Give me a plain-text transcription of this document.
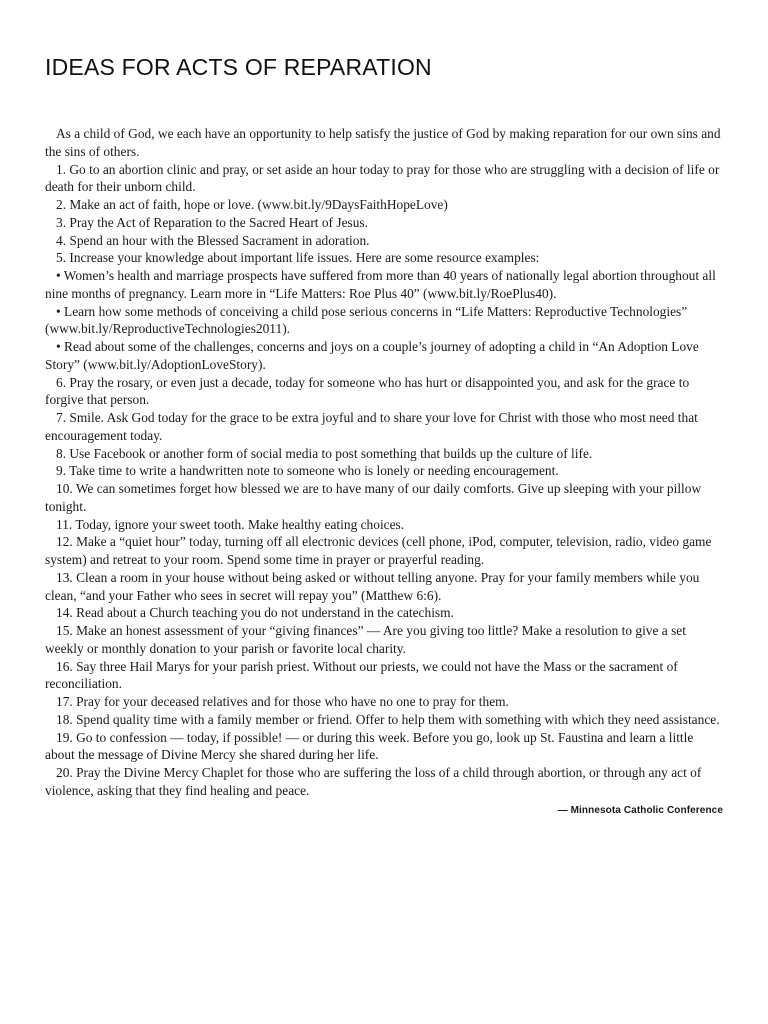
IDEAS FOR ACTS OF REPARATION

As a child of God, we each have an opportunity to help satisfy the justice of God by making reparation for our own sins and the sins of others.

1. Go to an abortion clinic and pray, or set aside an hour today to pray for those who are struggling with a decision of life or death for their unborn child.

2. Make an act of faith, hope or love. (www.bit.ly/9DaysFaithHopeLove)

3. Pray the Act of Reparation to the Sacred Heart of Jesus.

4. Spend an hour with the Blessed Sacrament in adoration.

5. Increase your knowledge about important life issues. Here are some resource examples:

• Women’s health and marriage prospects have suffered from more than 40 years of nationally legal abortion throughout all nine months of pregnancy. Learn more in “Life Matters: Roe Plus 40” (www.bit.ly/RoePlus40).

• Learn how some methods of conceiving a child pose serious concerns in “Life Matters: Reproductive Technologies” (www.bit.ly/ReproductiveTechnologies2011).

• Read about some of the challenges, concerns and joys on a couple’s journey of adopting a child in “An Adoption Love Story” (www.bit.ly/AdoptionLoveStory).

6. Pray the rosary, or even just a decade, today for someone who has hurt or disappointed you, and ask for the grace to forgive that person.

7. Smile. Ask God today for the grace to be extra joyful and to share your love for Christ with those who most need that encouragement today.

8. Use Facebook or another form of social media to post something that builds up the culture of life.

9. Take time to write a handwritten note to someone who is lonely or needing encouragement.

10. We can sometimes forget how blessed we are to have many of our daily comforts. Give up sleeping with your pillow tonight.

11. Today, ignore your sweet tooth. Make healthy eating choices.

12. Make a “quiet hour” today, turning off all electronic devices (cell phone, iPod, computer, television, radio, video game system) and retreat to your room. Spend some time in prayer or prayerful reading.

13. Clean a room in your house without being asked or without telling anyone. Pray for your family members while you clean, “and your Father who sees in secret will repay you” (Matthew 6:6).

14. Read about a Church teaching you do not understand in the catechism.

15. Make an honest assessment of your “giving finances” — Are you giving too little? Make a resolution to give a set weekly or monthly donation to your parish or favorite local charity.

16. Say three Hail Marys for your parish priest. Without our priests, we could not have the Mass or the sacrament of reconciliation.

17. Pray for your deceased relatives and for those who have no one to pray for them.

18. Spend quality time with a family member or friend. Offer to help them with something with which they need assistance.

19. Go to confession — today, if possible! — or during this week. Before you go, look up St. Faustina and learn a little about the message of Divine Mercy she shared during her life.

20. Pray the Divine Mercy Chaplet for those who are suffering the loss of a child through abortion, or through any act of violence, asking that they find healing and peace.

— Minnesota Catholic Conference
